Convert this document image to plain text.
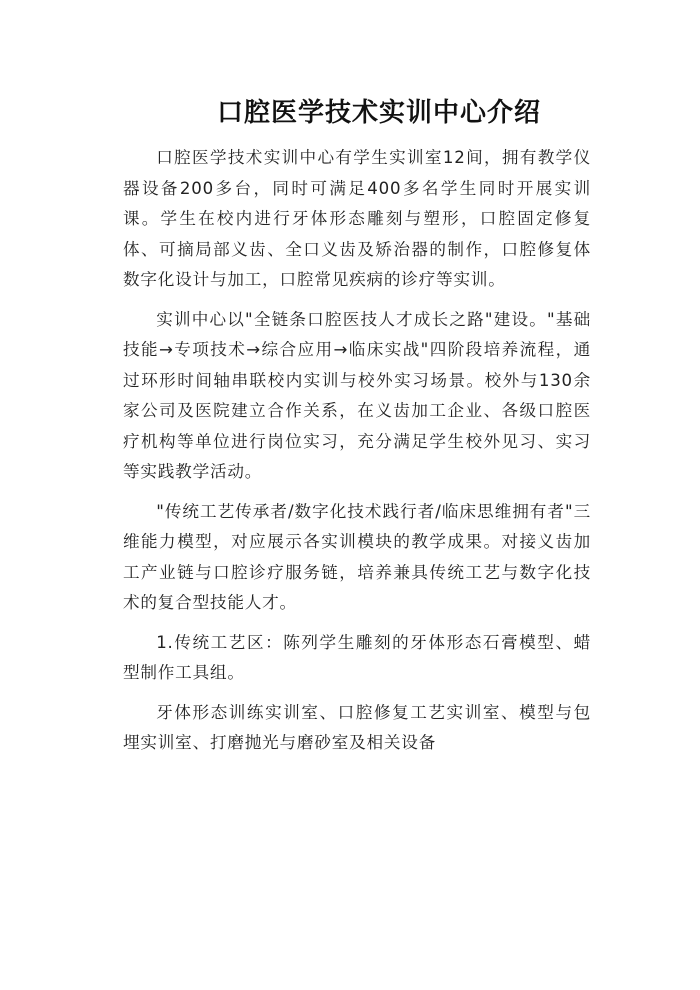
口腔医学技术实训中心介绍

口腔医学技术实训中心有学生实训室12间，拥有教学仪器设备200多台，同时可满足400多名学生同时开展实训课。学生在校内进行牙体形态雕刻与塑形，口腔固定修复体、可摘局部义齿、全口义齿及矫治器的制作，口腔修复体数字化设计与加工，口腔常见疾病的诊疗等实训。

实训中心以"全链条口腔医技人才成长之路"建设。"基础技能→专项技术→综合应用→临床实战"四阶段培养流程，通过环形时间轴串联校内实训与校外实习场景。校外与130余家公司及医院建立合作关系，在义齿加工企业、各级口腔医疗机构等单位进行岗位实习，充分满足学生校外见习、实习等实践教学活动。

"传统工艺传承者/数字化技术践行者/临床思维拥有者"三维能力模型，对应展示各实训模块的教学成果。对接义齿加工产业链与口腔诊疗服务链，培养兼具传统工艺与数字化技术的复合型技能人才。

1.传统工艺区：陈列学生雕刻的牙体形态石膏模型、蜡型制作工具组。

牙体形态训练实训室、口腔修复工艺实训室、模型与包埋实训室、打磨抛光与磨砂室及相关设备
